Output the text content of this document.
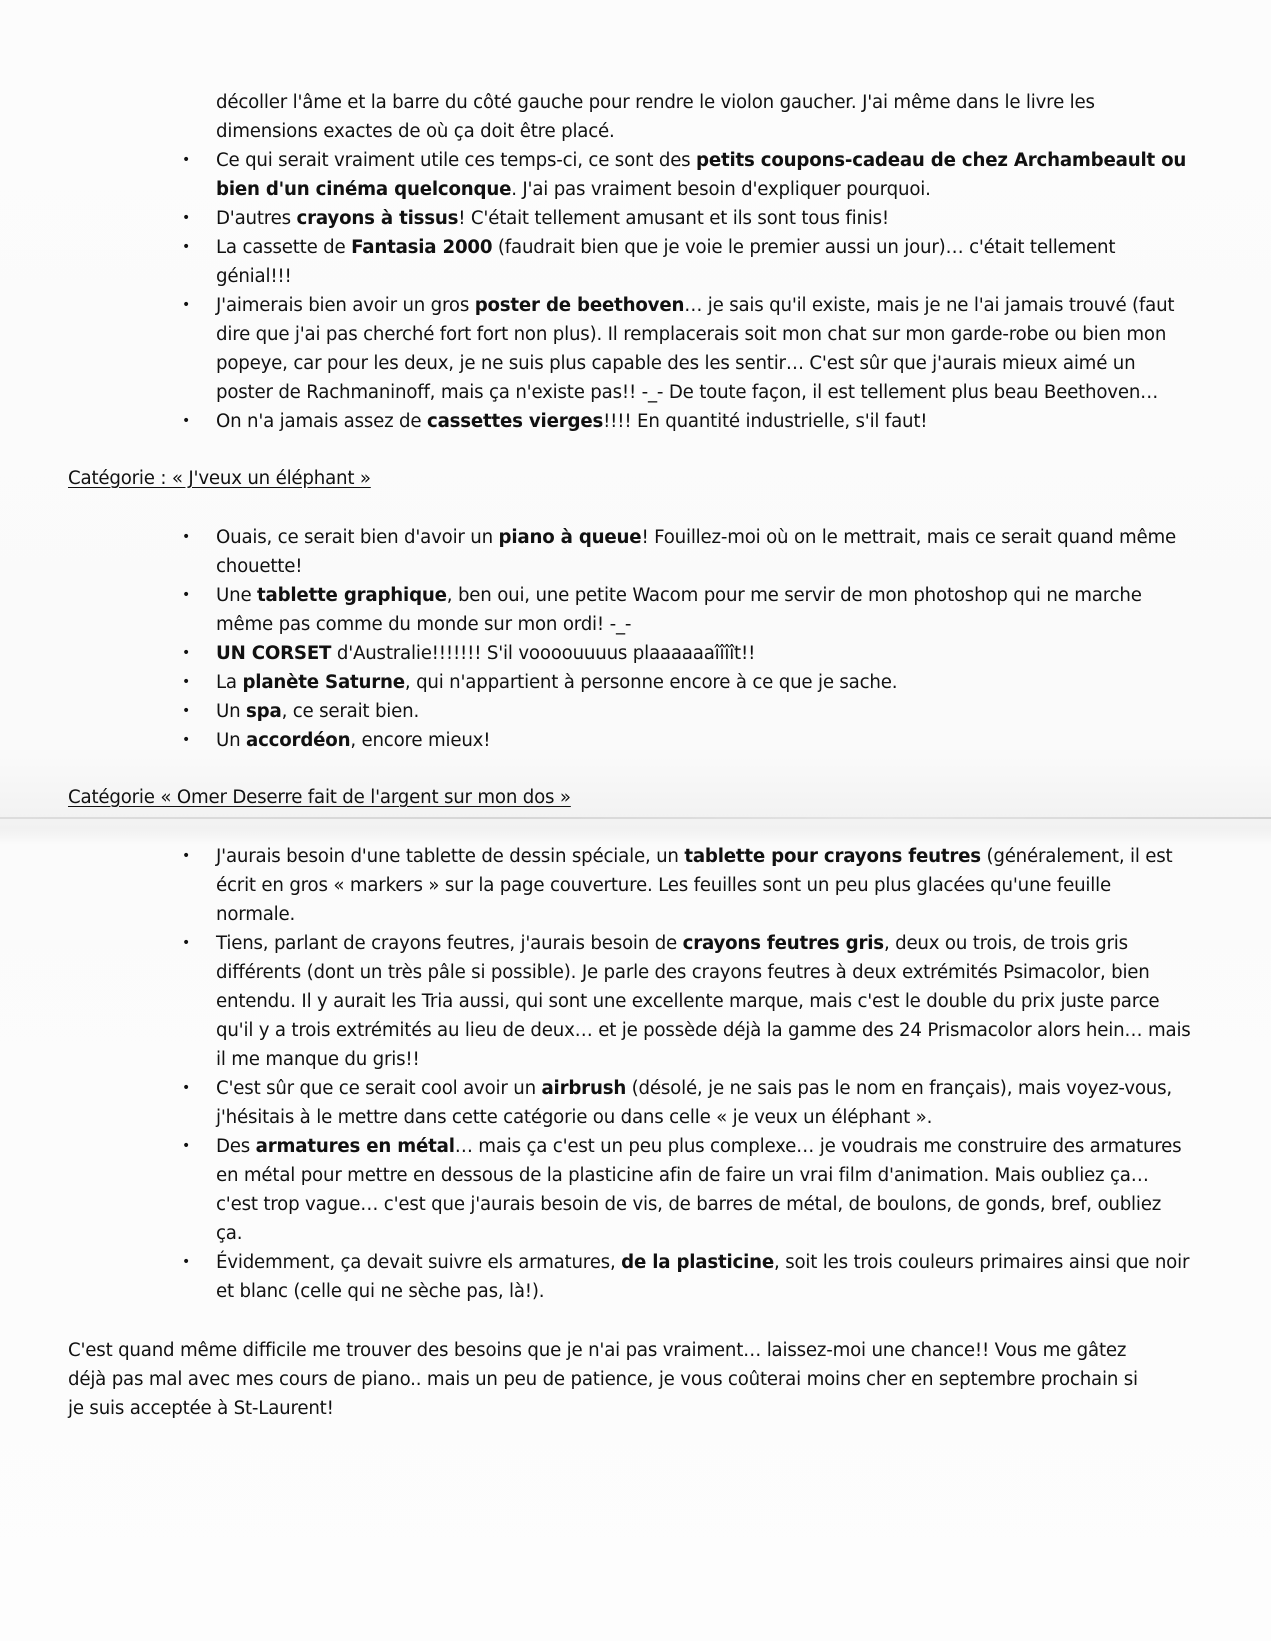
décoller l'âme et la barre du côté gauche pour rendre le violon gaucher. J'ai même dans le livre les dimensions exactes de où ça doit être placé.
• Ce qui serait vraiment utile ces temps-ci, ce sont des petits coupons-cadeau de chez Archambeault ou bien d'un cinéma quelconque. J'ai pas vraiment besoin d'expliquer pourquoi.
• D'autres crayons à tissus! C'était tellement amusant et ils sont tous finis!
• La cassette de Fantasia 2000 (faudrait bien que je voie le premier aussi un jour)… c'était tellement génial!!!
• J'aimerais bien avoir un gros poster de beethoven… je sais qu'il existe, mais je ne l'ai jamais trouvé (faut dire que j'ai pas cherché fort fort non plus). Il remplacerais soit mon chat sur mon garde-robe ou bien mon popeye, car pour les deux, je ne suis plus capable des les sentir… C'est sûr que j'aurais mieux aimé un poster de Rachmaninoff, mais ça n'existe pas!! -_- De toute façon, il est tellement plus beau Beethoven…
• On n'a jamais assez de cassettes vierges!!!! En quantité industrielle, s'il faut!
Catégorie : « J'veux un éléphant »
• Ouais, ce serait bien d'avoir un piano à queue! Fouillez-moi où on le mettrait, mais ce serait quand même chouette!
• Une tablette graphique, ben oui, une petite Wacom pour me servir de mon photoshop qui ne marche même pas comme du monde sur mon ordi! -_-
• UN CORSET d'Australie!!!!!!! S'il voooouuuus plaaaaaaîîîît!!
• La planète Saturne, qui n'appartient à personne encore à ce que je sache.
• Un spa, ce serait bien.
• Un accordéon, encore mieux!
Catégorie « Omer Deserre fait de l'argent sur mon dos »
• J'aurais besoin d'une tablette de dessin spéciale, un tablette pour crayons feutres (généralement, il est écrit en gros « markers » sur la page couverture. Les feuilles sont un peu plus glacées qu'une feuille normale.
• Tiens, parlant de crayons feutres, j'aurais besoin de crayons feutres gris, deux ou trois, de trois gris différents (dont un très pâle si possible). Je parle des crayons feutres à deux extrémités Psimacolor, bien entendu. Il y aurait les Tria aussi, qui sont une excellente marque, mais c'est le double du prix juste parce qu'il y a trois extrémités au lieu de deux… et je possède déjà la gamme des 24 Prismacolor alors hein… mais il me manque du gris!!
• C'est sûr que ce serait cool avoir un airbrush (désolé, je ne sais pas le nom en français), mais voyez-vous, j'hésitais à le mettre dans cette catégorie ou dans celle « je veux un éléphant ».
• Des armatures en métal… mais ça c'est un peu plus complexe… je voudrais me construire des armatures en métal pour mettre en dessous de la plasticine afin de faire un vrai film d'animation. Mais oubliez ça… c'est trop vague… c'est que j'aurais besoin de vis, de barres de métal, de boulons, de gonds, bref, oubliez ça.
• Évidemment, ça devait suivre els armatures, de la plasticine, soit les trois couleurs primaires ainsi que noir et blanc (celle qui ne sèche pas, là!).
C'est quand même difficile me trouver des besoins que je n'ai pas vraiment… laissez-moi une chance!! Vous me gâtez déjà pas mal avec mes cours de piano.. mais un peu de patience, je vous coûterai moins cher en septembre prochain si je suis acceptée à St-Laurent!
